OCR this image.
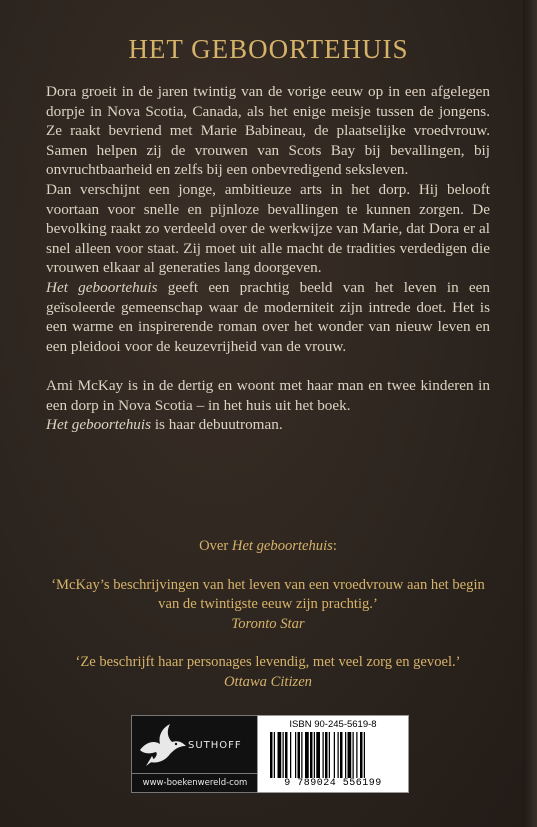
HET GEBOORTEHUIS

Dora groeit in de jaren twintig van de vorige eeuw op in een afgelegen dorpje in Nova Scotia, Canada, als het enige meisje tussen de jongens. Ze raakt bevriend met Marie Babineau, de plaatselijke vroedvrouw. Samen helpen zij de vrouwen van Scots Bay bij bevallingen, bij onvruchtbaarheid en zelfs bij een onbevredigend seksleven.

Dan verschijnt een jonge, ambitieuze arts in het dorp. Hij belooft voortaan voor snelle en pijnloze bevallingen te kunnen zorgen. De bevolking raakt zo verdeeld over de werkwijze van Marie, dat Dora er al snel alleen voor staat. Zij moet uit alle macht de tradities verdedigen die vrouwen elkaar al generaties lang doorgeven.

Het geboortehuis geeft een prachtig beeld van het leven in een geïsoleerde gemeenschap waar de moderniteit zijn intrede doet. Het is een warme en inspirerende roman over het wonder van nieuw leven en een pleidooi voor de keuzevrijheid van de vrouw.

Ami McKay is in de dertig en woont met haar man en twee kinderen in een dorp in Nova Scotia – in het huis uit het boek.

Het geboortehuis is haar debuutroman.

Over Het geboortehuis:

‘McKay’s beschrijvingen van het leven van een vroedvrouw aan het begin van de twintigste eeuw zijn prachtig.’

Toronto Star

‘Ze beschrijft haar personages levendig, met veel zorg en gevoel.’

Ottawa Citizen

SUTHOFF
www-boekenwereld-com
ISBN 90-245-5619-8
9 789024 556199
